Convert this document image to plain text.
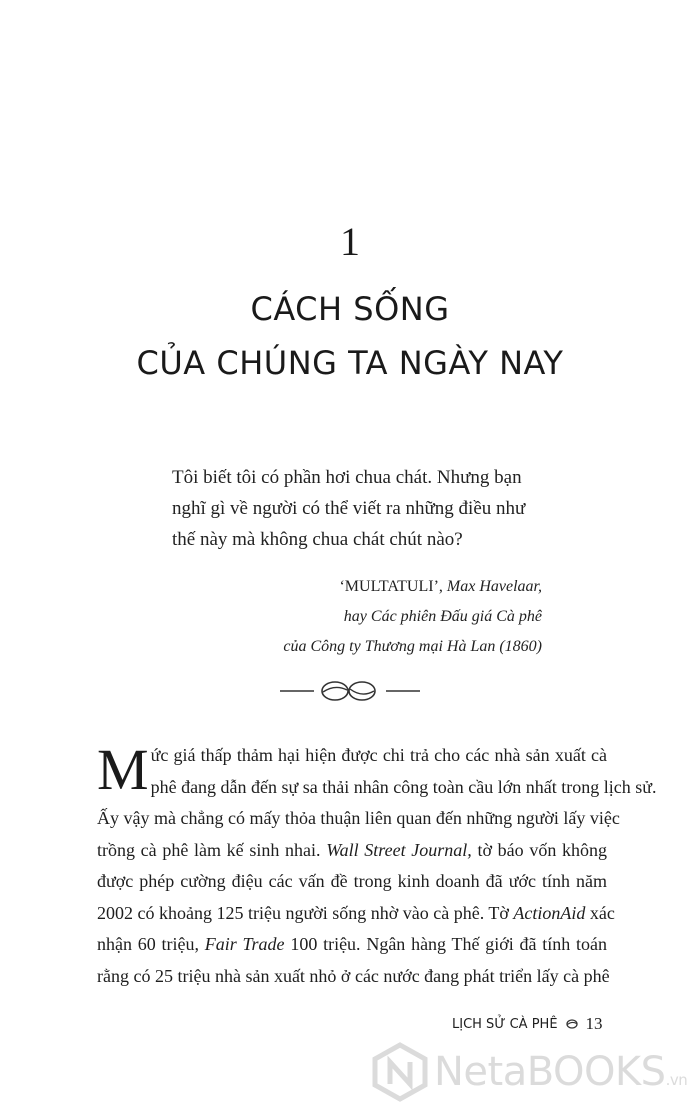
1
CÁCH SỐNG
CỦA CHÚNG TA NGÀY NAY
Tôi biết tôi có phần hơi chua chát. Nhưng bạn
nghĩ gì về người có thể viết ra những điều như
thế này mà không chua chát chút nào?
‘MULTATULI’, Max Havelaar,
hay Các phiên Đấu giá Cà phê
của Công ty Thương mại Hà Lan (1860)
M ức giá thấp thảm hại hiện được chi trả cho các nhà sản xuất cà
phê đang dẫn đến sự sa thải nhân công toàn cầu lớn nhất trong lịch sử.
Ấy vậy mà chẳng có mấy thỏa thuận liên quan đến những người lấy việc
trồng cà phê làm kế sinh nhai. Wall Street Journal, tờ báo vốn không
được phép cường điệu các vấn đề trong kinh doanh đã ước tính năm
2002 có khoảng 125 triệu người sống nhờ vào cà phê. Tờ ActionAid xác
nhận 60 triệu, Fair Trade 100 triệu. Ngân hàng Thế giới đã tính toán
rằng có 25 triệu nhà sản xuất nhỏ ở các nước đang phát triển lấy cà phê
LỊCH SỬ CÀ PHÊ 13
NetaBOOKS.vn
